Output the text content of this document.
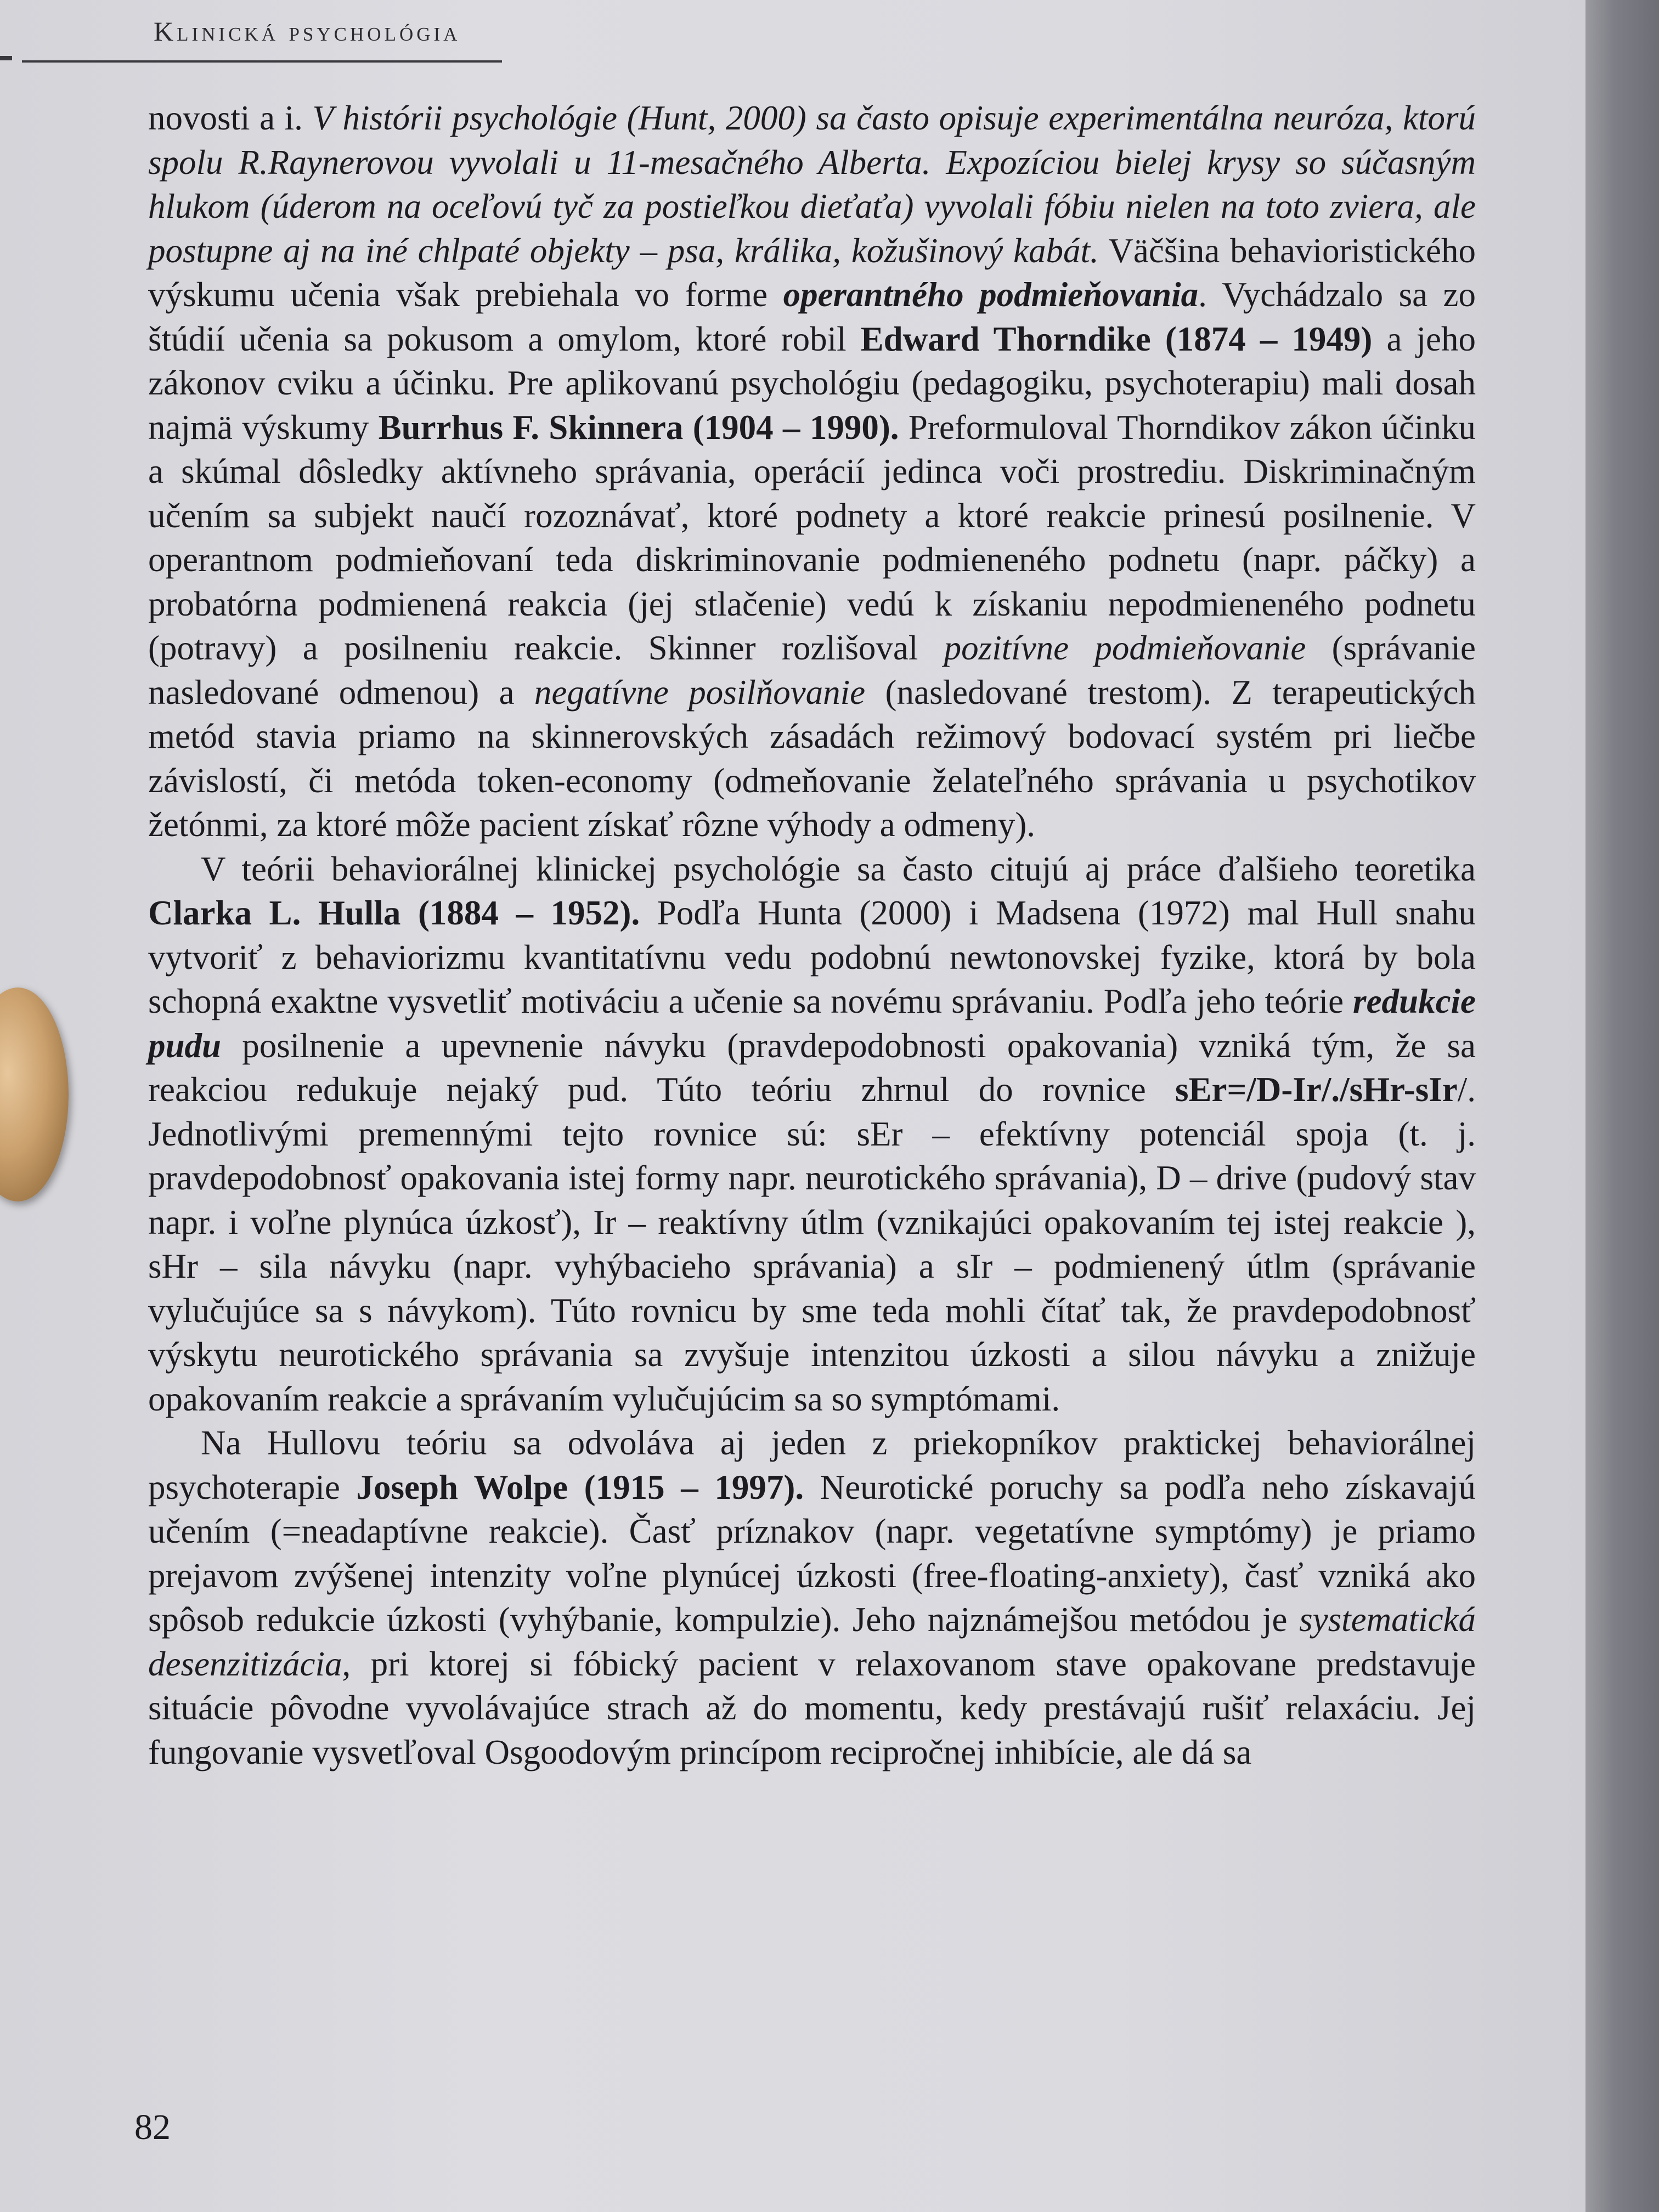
Klinická psychológia

novosti a i. V histórii psychológie (Hunt, 2000) sa často opisuje experimentálna neuróza, ktorú spolu R.Raynerovou vyvolali u 11-mesačného Alberta. Expozíciou bielej krysy so súčasným hlukom (úderom na oceľovú tyč za postieľkou dieťaťa) vyvolali fóbiu nielen na toto zviera, ale postupne aj na iné chlpaté objekty – psa, králika, kožušinový kabát. Väčšina behavioristického výskumu učenia však prebiehala vo forme operantného podmieňovania. Vychádzalo sa zo štúdií učenia sa pokusom a omylom, ktoré robil Edward Thorndike (1874 – 1949) a jeho zákonov cviku a účinku. Pre aplikovanú psychológiu (pedagogiku, psychoterapiu) mali dosah najmä výskumy Burrhus F. Skinnera (1904 – 1990). Preformuloval Thorndikov zákon účinku a skúmal dôsledky aktívneho správania, operácií jedinca voči prostrediu. Diskriminačným učením sa subjekt naučí rozoznávať, ktoré podnety a ktoré reakcie prinesú posilnenie. V operantnom podmieňovaní teda diskriminovanie podmieneného podnetu (napr. páčky) a probatórna podmienená reakcia (jej stlačenie) vedú k získaniu nepodmieneného podnetu (potravy) a posilneniu reakcie. Skinner rozlišoval pozitívne podmieňovanie (správanie nasledované odmenou) a negatívne posilňovanie (nasledované trestom). Z terapeutických metód stavia priamo na skinnerovských zásadách režimový bodovací systém pri liečbe závislostí, či metóda token-economy (odmeňovanie želateľného správania u psychotikov žetónmi, za ktoré môže pacient získať rôzne výhody a odmeny).

V teórii behaviorálnej klinickej psychológie sa často citujú aj práce ďalšieho teoretika Clarka L. Hulla (1884 – 1952). Podľa Hunta (2000) i Madsena (1972) mal Hull snahu vytvoriť z behaviorizmu kvantitatívnu vedu podobnú newtonovskej fyzike, ktorá by bola schopná exaktne vysvetliť motiváciu a učenie sa novému správaniu. Podľa jeho teórie redukcie pudu posilnenie a upevnenie návyku (pravdepodobnosti opakovania) vzniká tým, že sa reakciou redukuje nejaký pud. Túto teóriu zhrnul do rovnice sEr=/D-Ir/./sHr-sIr/. Jednotlivými premennými tejto rovnice sú: sEr – efektívny potenciál spoja (t. j. pravdepodobnosť opakovania istej formy napr. neurotického správania), D – drive (pudový stav napr. i voľne plynúca úzkosť), Ir – reaktívny útlm (vznikajúci opakovaním tej istej reakcie ), sHr – sila návyku (napr. vyhýbacieho správania) a sIr – podmienený útlm (správanie vylučujúce sa s návykom). Túto rovnicu by sme teda mohli čítať tak, že pravdepodobnosť výskytu neurotického správania sa zvyšuje intenzitou úzkosti a silou návyku a znižuje opakovaním reakcie a správaním vylučujúcim sa so symptómami.

Na Hullovu teóriu sa odvoláva aj jeden z priekopníkov praktickej behaviorálnej psychoterapie Joseph Wolpe (1915 – 1997). Neurotické poruchy sa podľa neho získavajú učením (=neadaptívne reakcie). Časť príznakov (napr. vegetatívne symptómy) je priamo prejavom zvýšenej intenzity voľne plynúcej úzkosti (free-floating-anxiety), časť vzniká ako spôsob redukcie úzkosti (vyhýbanie, kompulzie). Jeho najznámejšou metódou je systematická desenzitizácia, pri ktorej si fóbický pacient v relaxovanom stave opakovane predstavuje situácie pôvodne vyvolávajúce strach až do momentu, kedy prestávajú rušiť relaxáciu. Jej fungovanie vysvetľoval Osgoodovým princípom recipročnej inhibície, ale dá sa

82
